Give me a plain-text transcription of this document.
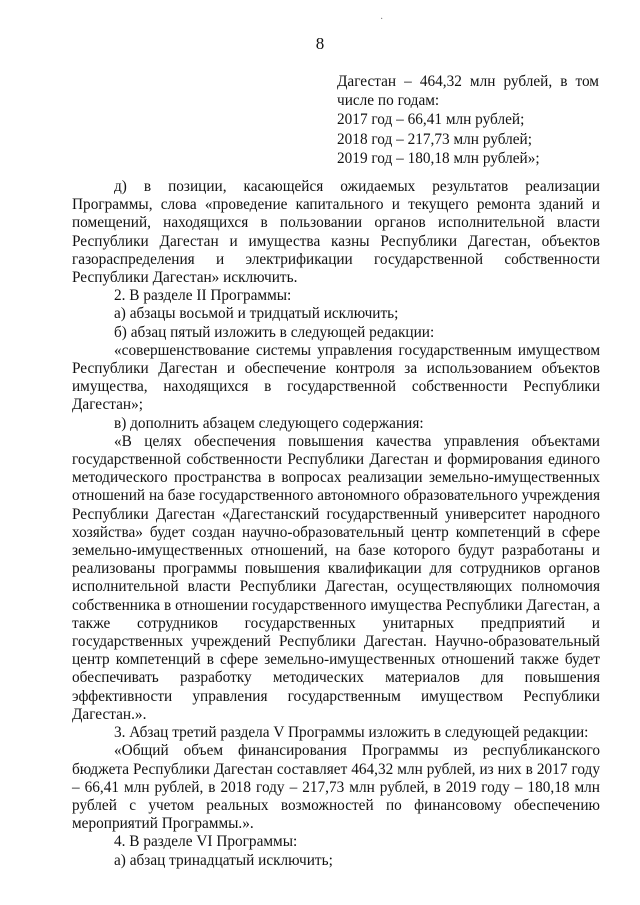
·
8
Дагестан – 464,32 млн рублей, в том
числе по годам:
2017 год – 66,41 млн рублей;
2018 год – 217,73 млн рублей;
2019 год – 180,18 млн рублей»;

д) в позиции, касающейся ожидаемых результатов реализации Программы, слова «проведение капитального и текущего ремонта зданий и помещений, находящихся в пользовании органов исполнительной власти Республики Дагестан и имущества казны Республики Дагестан, объектов газораспределения и электрификации государственной собственности Республики Дагестан» исключить.

2. В разделе II Программы:

а) абзацы восьмой и тридцатый исключить;

б) абзац пятый изложить в следующей редакции:

«совершенствование системы управления государственным имуществом Республики Дагестан и обеспечение контроля за использованием объектов имущества, находящихся в государственной собственности Республики Дагестан»;

в) дополнить абзацем следующего содержания:

«В целях обеспечения повышения качества управления объектами государственной собственности Республики Дагестан и формирования единого методического пространства в вопросах реализации земельно-имущественных отношений на базе государственного автономного образовательного учреждения Республики Дагестан «Дагестанский государственный университет народного хозяйства» будет создан научно-образовательный центр компетенций в сфере земельно-имущественных отношений, на базе которого будут разработаны и реализованы программы повышения квалификации для сотрудников органов исполнительной власти Республики Дагестан, осуществляющих полномочия собственника в отношении государственного имущества Республики Дагестан, а также сотрудников государственных унитарных предприятий и государственных учреждений Республики Дагестан. Научно-образовательный центр компетенций в сфере земельно-имущественных отношений также будет обеспечивать разработку методических материалов для повышения эффективности управления государственным имуществом Республики Дагестан.».

3. Абзац третий раздела V Программы изложить в следующей редакции:

«Общий объем финансирования Программы из республиканского бюджета Республики Дагестан составляет 464,32 млн рублей, из них в 2017 году – 66,41 млн рублей, в 2018 году – 217,73 млн рублей, в 2019 году – 180,18 млн рублей с учетом реальных возможностей по финансовому обеспечению мероприятий Программы.».

4. В разделе VI Программы:

а) абзац тринадцатый исключить;
